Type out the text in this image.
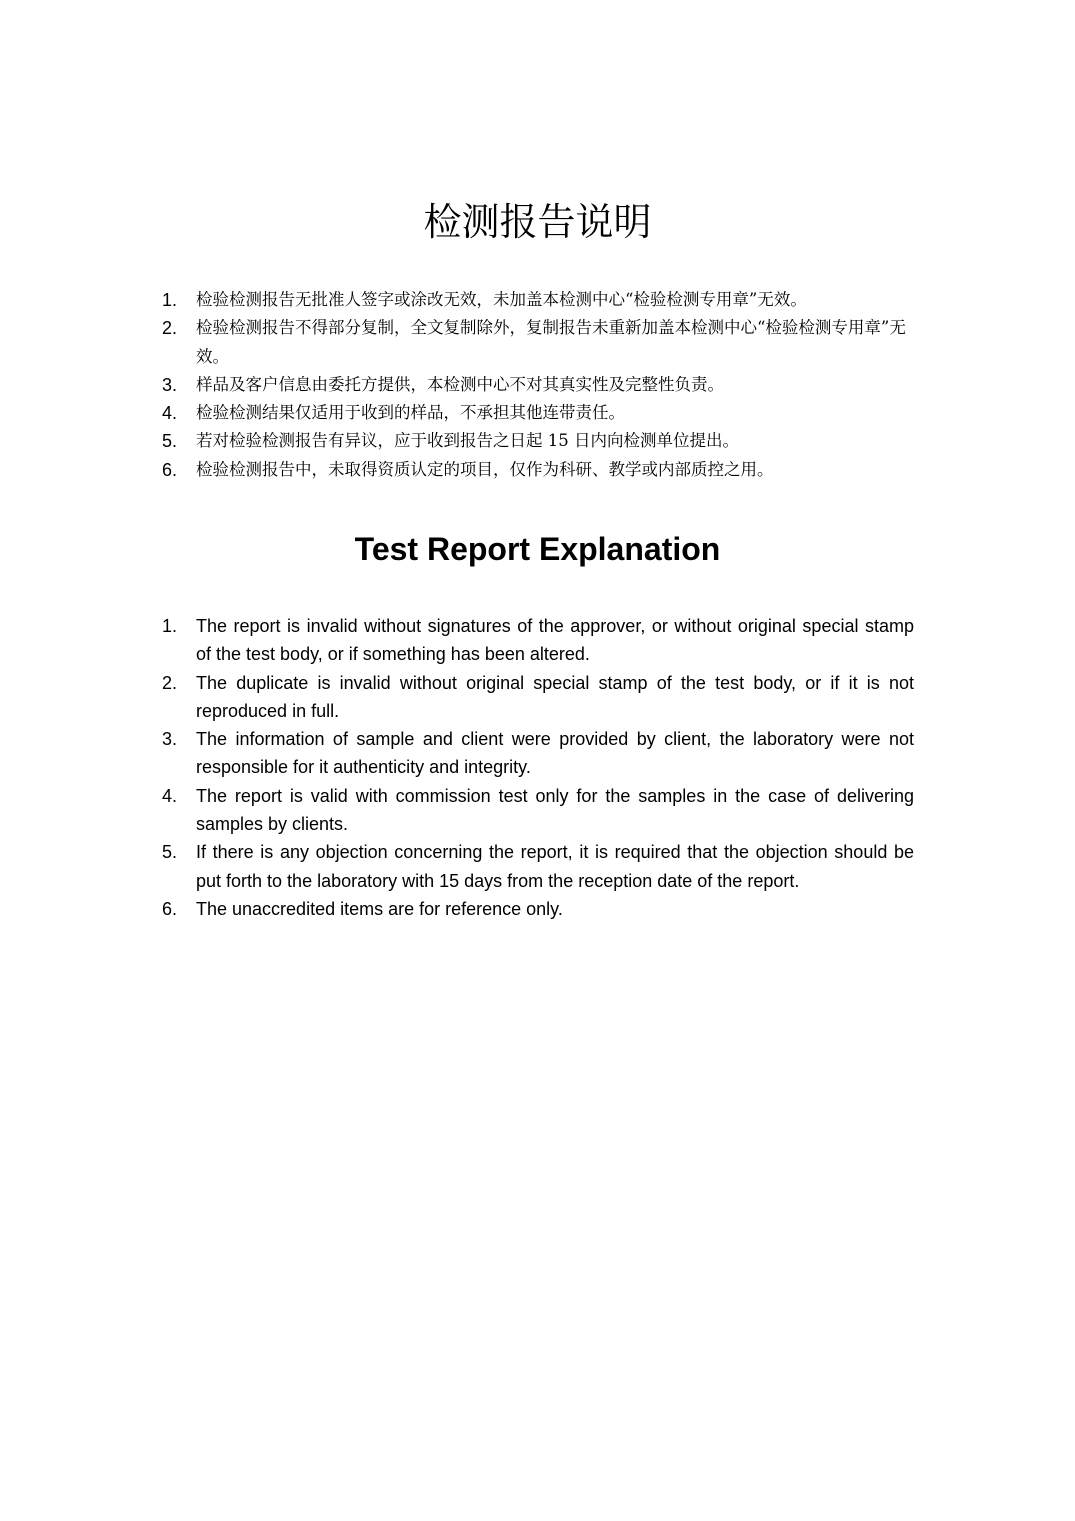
检测报告说明
1.	检验检测报告无批准人签字或涂改无效，未加盖本检测中心“检验检测专用章”无效。
2.	检验检测报告不得部分复制，全文复制除外，复制报告未重新加盖本检测中心“检验检测专用章”无效。
3.	样品及客户信息由委托方提供，本检测中心不对其真实性及完整性负责。
4.	检验检测结果仅适用于收到的样品，不承担其他连带责任。
5.	若对检验检测报告有异议，应于收到报告之日起 15 日内向检测单位提出。
6.	检验检测报告中，未取得资质认定的项目，仅作为科研、教学或内部质控之用。
Test Report Explanation
1.	The report is invalid without signatures of the approver, or without original special stamp of the test body, or if something has been altered.
2.	The duplicate is invalid without original special stamp of the test body, or if it is not reproduced in full.
3.	The information of sample and client were provided by client, the laboratory were not responsible for it authenticity and integrity.
4.	The report is valid with commission test only for the samples in the case of delivering samples by clients.
5.	If there is any objection concerning the report, it is required that the objection should be put forth to the laboratory with 15 days from the reception date of the report.
6.	The unaccredited items are for reference only.
